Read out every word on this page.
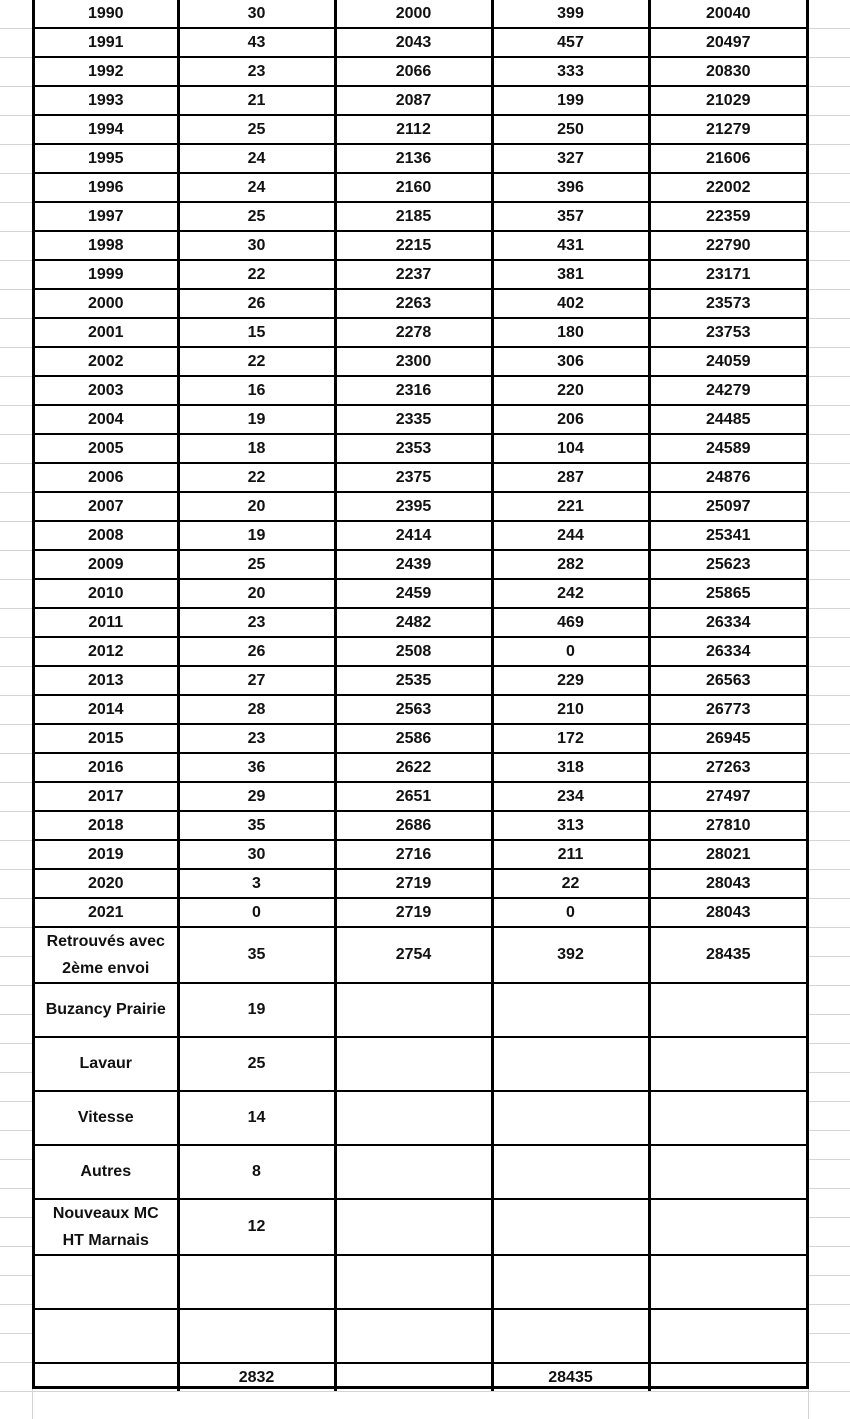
1990	30	2000	399	20040
1991	43	2043	457	20497
1992	23	2066	333	20830
1993	21	2087	199	21029
1994	25	2112	250	21279
1995	24	2136	327	21606
1996	24	2160	396	22002
1997	25	2185	357	22359
1998	30	2215	431	22790
1999	22	2237	381	23171
2000	26	2263	402	23573
2001	15	2278	180	23753
2002	22	2300	306	24059
2003	16	2316	220	24279
2004	19	2335	206	24485
2005	18	2353	104	24589
2006	22	2375	287	24876
2007	20	2395	221	25097
2008	19	2414	244	25341
2009	25	2439	282	25623
2010	20	2459	242	25865
2011	23	2482	469	26334
2012	26	2508	0	26334
2013	27	2535	229	26563
2014	28	2563	210	26773
2015	23	2586	172	26945
2016	36	2622	318	27263
2017	29	2651	234	27497
2018	35	2686	313	27810
2019	30	2716	211	28021
2020	3	2719	22	28043
2021	0	2719	0	28043

Retrouvés avec
2ème envoi	35	2754	392	28435
Buzancy Prairie	19			
Lavaur	25			
Vitesse	14			
Autres	8			

Nouveaux MC
HT Marnais	12			

	2832		28435	
